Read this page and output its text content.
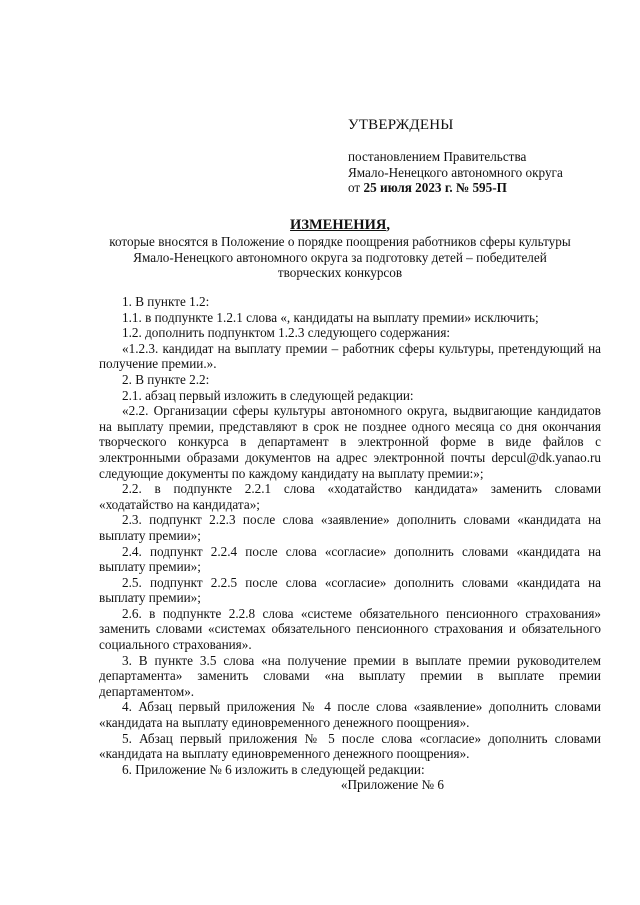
УТВЕРЖДЕНЫ
постановлением Правительства
Ямало-Ненецкого автономного округа
от 25 июля 2023 г. № 595-П
ИЗМЕНЕНИЯ,
которые вносятся в Положение о порядке поощрения работников сферы культуры
Ямало-Ненецкого автономного округа за подготовку детей – победителей
творческих конкурсов

1. В пункте 1.2:

1.1. в подпункте 1.2.1 слова «, кандидаты на выплату премии» исключить;

1.2. дополнить подпунктом 1.2.3 следующего содержания:

«1.2.3. кандидат на выплату премии – работник сферы культуры, претендующий на получение премии.».

2. В пункте 2.2:

2.1. абзац первый изложить в следующей редакции:

«2.2. Организации сферы культуры автономного округа, выдвигающие кандидатов на выплату премии, представляют в срок не позднее одного месяца со дня окончания творческого конкурса в департамент в электронной форме в виде файлов с электронными образами документов на адрес электронной почты depcul@dk.yanao.ru следующие документы по каждому кандидату на выплату премии:»;

2.2. в подпункте 2.2.1 слова «ходатайство кандидата» заменить словами «ходатайство на кандидата»;

2.3. подпункт 2.2.3 после слова «заявление» дополнить словами «кандидата на выплату премии»;

2.4. подпункт 2.2.4 после слова «согласие» дополнить словами «кандидата на выплату премии»;

2.5. подпункт 2.2.5 после слова «согласие» дополнить словами «кандидата на выплату премии»;

2.6. в подпункте 2.2.8 слова «системе обязательного пенсионного страхования» заменить словами «системах обязательного пенсионного страхования и обязательного социального страхования».

3. В пункте 3.5 слова «на получение премии в выплате премии руководителем департамента» заменить словами «на выплату премии в выплате премии департаментом».

4. Абзац первый приложения № 4 после слова «заявление» дополнить словами «кандидата на выплату единовременного денежного поощрения».

5. Абзац первый приложения № 5 после слова «согласие» дополнить словами «кандидата на выплату единовременного денежного поощрения».

6. Приложение № 6 изложить в следующей редакции:

«Приложение № 6
